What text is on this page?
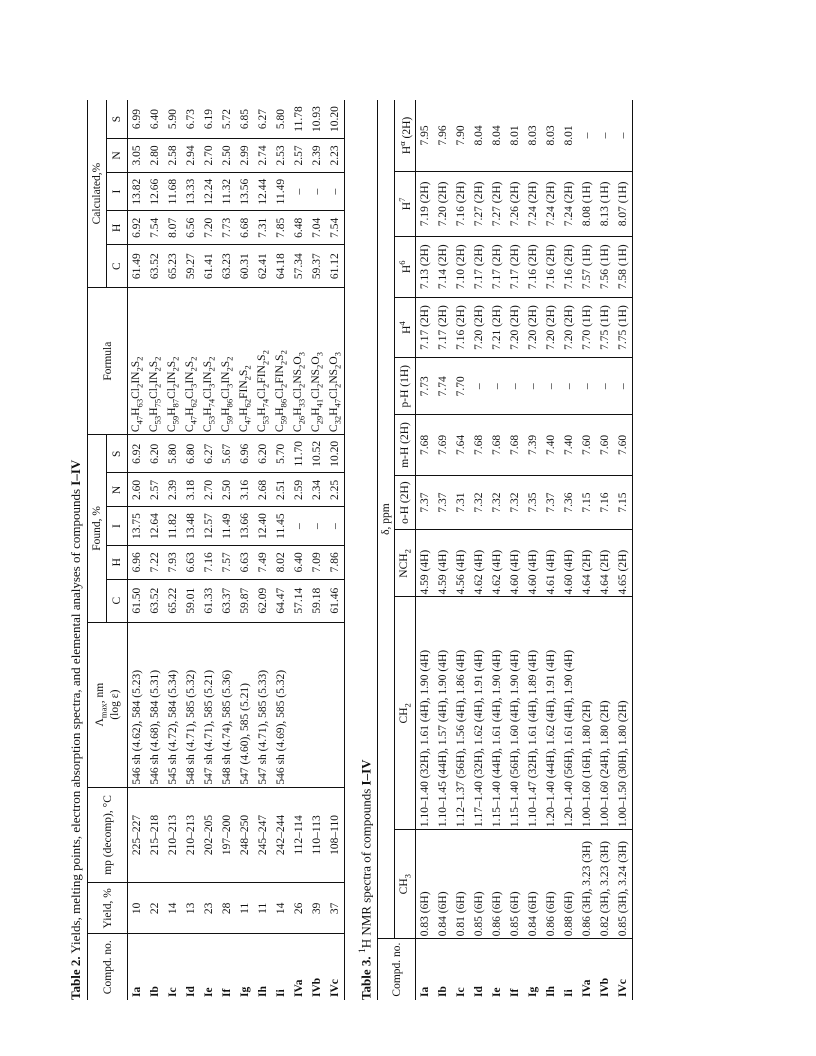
Table 2. Yields, melting points, electron absorption spectra, and elemental analyses of compounds I–IV
Compd. no.	Yield, %	mp (decomp), °C	$\Lambda_{max}$, nm (log ε)	Found, %					Formula	Calculated,%				
				C	H	I	N	S		C	H	I	N	S
Ia	10	225–227	546 sh (4.62), 584 (5.23)	61.50	6.96	13.75	2.60	6.92	$C_{47}H_{63}Cl_2IN_2S_2$	61.49	6.92	13.82	3.05	6.99
Ib	22	215–218	546 sh (4.68), 584 (5.31)	63.52	7.22	12.64	2.57	6.20	$C_{53}H_{75}Cl_2IN_2S_2$	63.52	7.54	12.66	2.80	6.40
Ic	14	210–213	545 sh (4.72), 584 (5.34)	65.22	7.93	11.82	2.39	5.80	$C_{59}H_{87}Cl_2IN_2S_2$	65.23	8.07	11.68	2.58	5.90
Id	13	210–213	548 sh (4.71), 585 (5.32)	59.01	6.63	13.48	3.18	6.80	$C_{47}H_{62}Cl_3IN_2S_2$	59.27	6.56	13.33	2.94	6.73
Ie	23	202–205	547 sh (4.71), 585 (5.21)	61.33	7.16	12.57	2.70	6.27	$C_{53}H_{74}Cl_3IN_2S_2$	61.41	7.20	12.24	2.70	6.19
If	28	197–200	548 sh (4.74), 585 (5.36)	63.37	7.57	11.49	2.50	5.67	$C_{59}H_{86}Cl_3IN_2S_2$	63.23	7.73	11.32	2.50	5.72
Ig	11	248–250	547 (4.60), 585 (5.21)	59.87	6.63	13.66	3.16	6.96	$C_{47}H_{62}FIN_2S_2$	60.31	6.68	13.56	2.99	6.85
Ih	11	245–247	547 sh (4.71), 585 (5.33)	62.09	7.49	12.40	2.68	6.20	$C_{53}H_{74}Cl_2FIN_2S_2$	62.41	7.31	12.44	2.74	6.27
Ii	14	242–244	546 sh (4.69), 585 (5.32)	64.47	8.02	11.45	2.51	5.70	$C_{59}H_{86}Cl_2FIN_2S_2$	64.18	7.85	11.49	2.53	5.80
IVa	26	112–114		57.14	6.40	–	2.59	11.70	$C_{26}H_{33}Cl_2NS_2O_3$	57.34	6.48	–	2.57	11.78
IVb	39	110–113		59.18	7.09	–	2.34	10.52	$C_{29}H_{41}Cl_2NS_2O_3$	59.37	7.04	–	2.39	10.93
IVc	37	108–110		61.46	7.86	–	2.25	10.20	$C_{32}H_{47}Cl_2NS_2O_3$	61.12	7.54	–	2.23	10.20
Table 3. $^1$H NMR spectra of compounds I–IV
Compd. no.	δ, ppm									
	$CH_3$	$CH_2$	$NCH_2$	o-H (2H)	m-H (2H)	p-H (1H)	$H^4$	$H^6$	$H^7$	$H^\alpha$ (2H)
Ia	0.83 (6H)	1.10–1.40 (32H), 1.61 (4H), 1.90 (4H)	4.59 (4H)	7.37	7.68	7.73	7.17 (2H)	7.13 (2H)	7.19 (2H)	7.95
Ib	0.84 (6H)	1.10–1.45 (44H), 1.57 (4H), 1.90 (4H)	4.59 (4H)	7.37	7.69	7.74	7.17 (2H)	7.14 (2H)	7.20 (2H)	7.96
Ic	0.81 (6H)	1.12–1.37 (56H), 1.56 (4H), 1.86 (4H)	4.56 (4H)	7.31	7.64	7.70	7.16 (2H)	7.10 (2H)	7.16 (2H)	7.90
Id	0.85 (6H)	1.17–1.40 (32H), 1.62 (4H), 1.91 (4H)	4.62 (4H)	7.32	7.68	–	7.20 (2H)	7.17 (2H)	7.27 (2H)	8.04
Ie	0.86 (6H)	1.15–1.40 (44H), 1.61 (4H), 1.90 (4H)	4.62 (4H)	7.32	7.68	–	7.21 (2H)	7.17 (2H)	7.27 (2H)	8.04
If	0.85 (6H)	1.15–1.40 (56H), 1.60 (4H), 1.90 (4H)	4.60 (4H)	7.32	7.68	–	7.20 (2H)	7.17 (2H)	7.26 (2H)	8.01
Ig	0.84 (6H)	1.10–1.47 (32H), 1.61 (4H), 1.89 (4H)	4.60 (4H)	7.35	7.39	–	7.20 (2H)	7.16 (2H)	7.24 (2H)	8.03
Ih	0.86 (6H)	1.20–1.40 (44H), 1.62 (4H), 1.91 (4H)	4.61 (4H)	7.37	7.40	–	7.20 (2H)	7.16 (2H)	7.24 (2H)	8.03
Ii	0.88 (6H)	1.20–1.40 (56H), 1.61 (4H), 1.90 (4H)	4.60 (4H)	7.36	7.40	–	7.20 (2H)	7.16 (2H)	7.24 (2H)	8.01
IVa	0.86 (3H), 3.23 (3H)	1.00–1.60 (16H), 1.80 (2H)	4.64 (2H)	7.15	7.60	–	7.70 (1H)	7.57 (1H)	8.08 (1H)	–
IVb	0.82 (3H), 3.23 (3H)	1.00–1.60 (24H), 1.80 (2H)	4.64 (2H)	7.16	7.60	–	7.75 (1H)	7.56 (1H)	8.13 (1H)	–
IVc	0.85 (3H), 3.24 (3H)	1.00–1.50 (30H), 1.80 (2H)	4.65 (2H)	7.15	7.60	–	7.75 (1H)	7.58 (1H)	8.07 (1H)	–
